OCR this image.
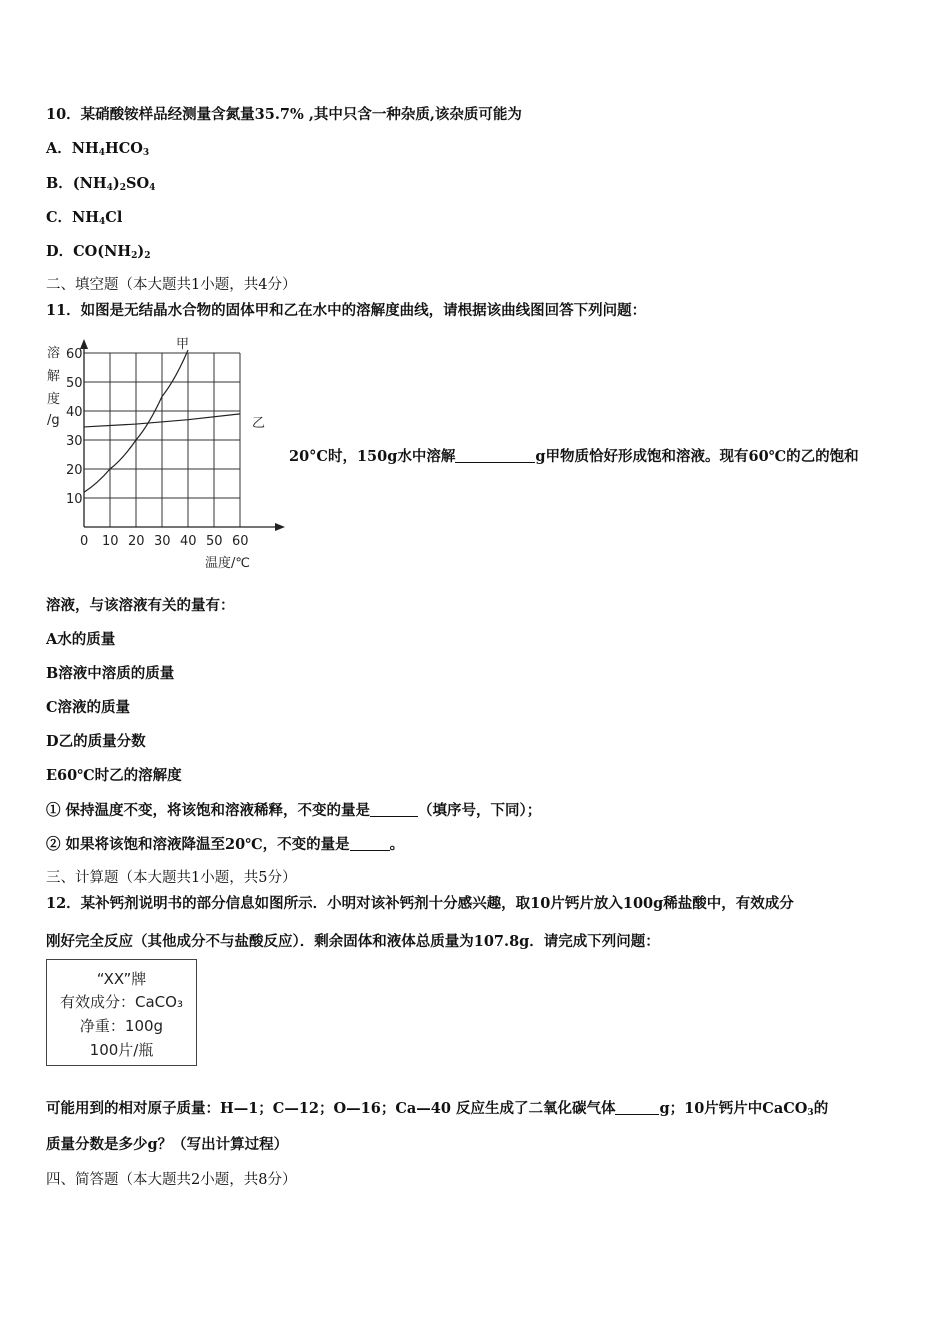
10．某硝酸铵样品经测量含氮量35.7% ,其中只含一种杂质,该杂质可能为
A．$NH_4HCO_3$
B．$(NH_4)_2SO_4$
C．$NH_4Cl$
D．$CO(NH_2)_2$
二、填空题（本大题共1小题，共4分）
11．如图是无结晶水合物的固体甲和乙在水中的溶解度曲线，请根据该曲线图回答下列问题：
0 10 20 30 40 50 60
10
20
30
40
50
60
甲
乙
溶
解
度
/g
温度/℃
20°C时，150g水中溶解	g甲物质恰好形成饱和溶液。现有60℃的乙的饱和
溶液，与该溶液有关的量有：
A水的质量
B溶液中溶质的质量
C溶液的质量
D乙的质量分数
E60℃时乙的溶解度
① 保持温度不变，将该饱和溶液稀释，不变的量是	（填序号，下同）；
② 如果将该饱和溶液降温至20℃，不变的量是	。
三、计算题（本大题共1小题，共5分）
12．某补钙剂说明书的部分信息如图所示．小明对该补钙剂十分感兴趣，取10片钙片放入100g稀盐酸中，有效成分
刚好完全反应（其他成分不与盐酸反应）．剩余固体和液体总质量为107.8g．请完成下列问题：
“XX”牌
有效成分：CaCO₃
净重：100g
100片/瓶
可能用到的相对原子质量：H—1；C—12；O—16；Ca—40 反应生成了二氧化碳气体	g；10片钙片中CaCO$_3$的
质量分数是多少g？（写出计算过程）
四、简答题（本大题共2小题，共8分）
